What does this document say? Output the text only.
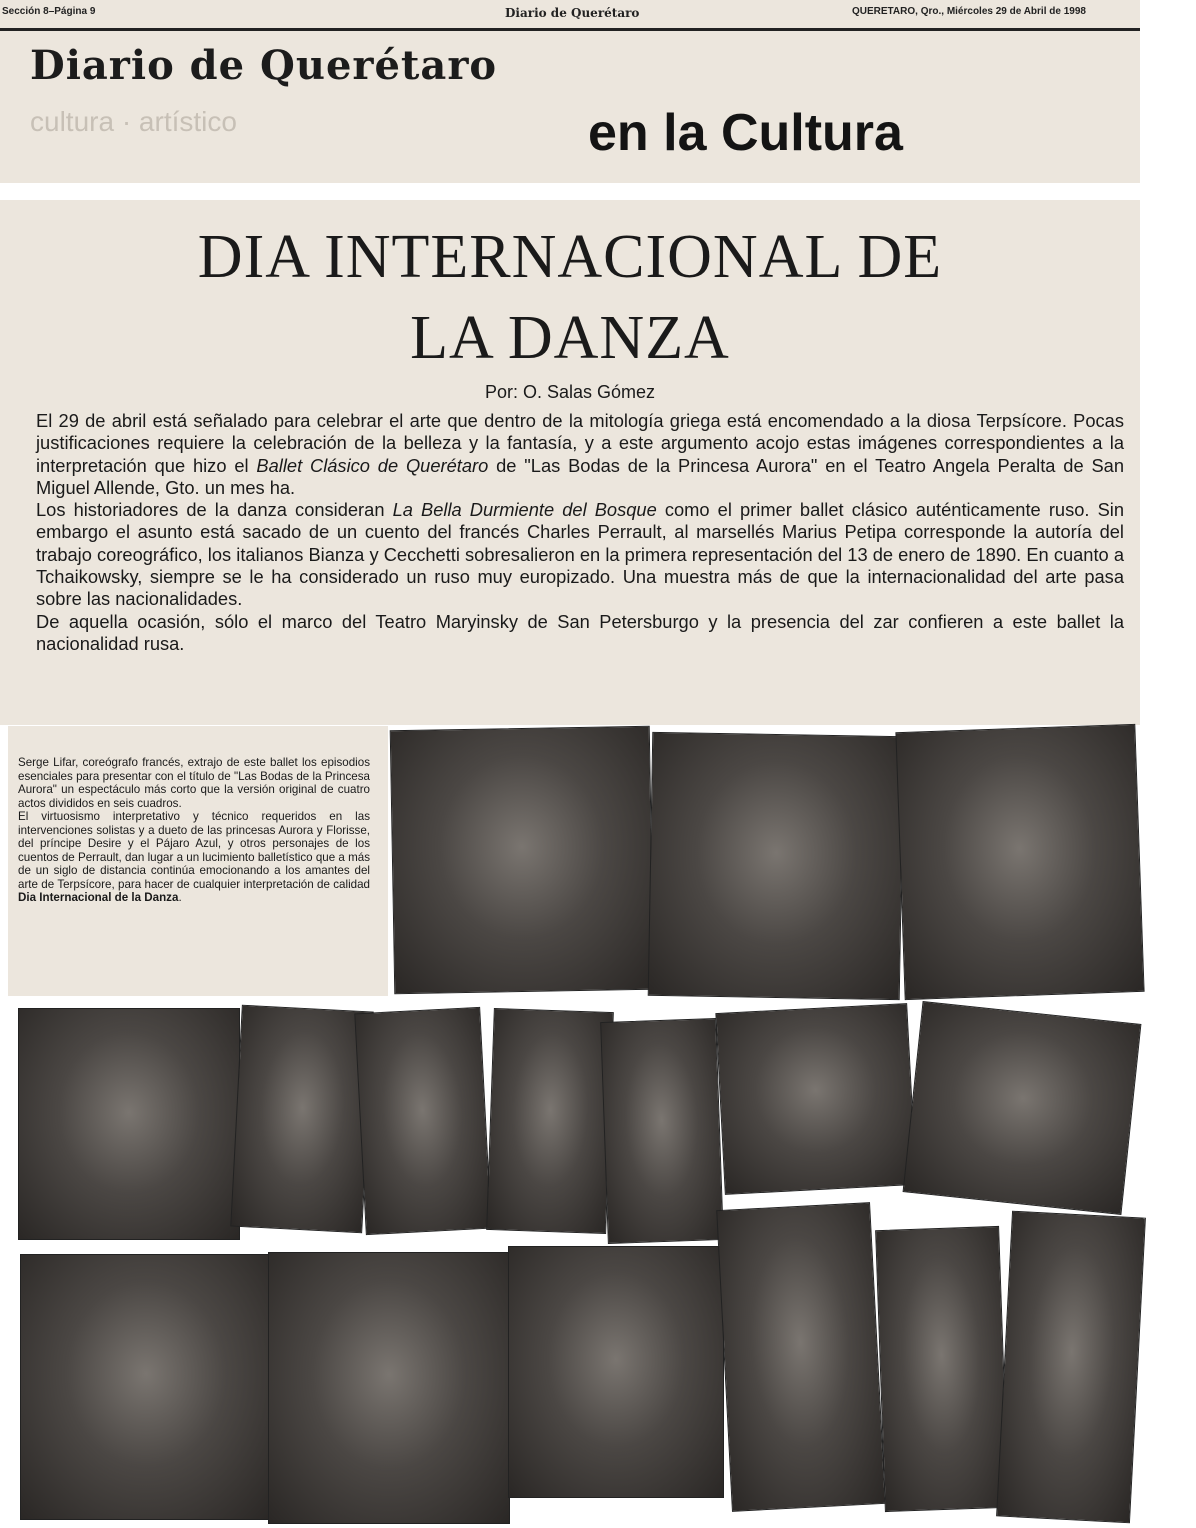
Sección 8–Página 9	Diario de Querétaro	QUERETARO, Qro., Miércoles 29 de Abril de 1998
Diario de Querétaro
cultura · artístico	en la Cultura
DIA INTERNACIONAL DE
LA DANZA
Por: O. Salas Gómez

El 29 de abril está señalado para celebrar el arte que dentro de la mitología griega está encomendado a la diosa Terpsícore. Pocas justificaciones requiere la celebración de la belleza y la fantasía, y a este argumento acojo estas imágenes correspondientes a la interpretación que hizo el Ballet Clásico de Querétaro de "Las Bodas de la Princesa Aurora" en el Teatro Angela Peralta de San Miguel Allende, Gto. un mes ha.

Los historiadores de la danza consideran La Bella Durmiente del Bosque como el primer ballet clásico auténticamente ruso. Sin embargo el asunto está sacado de un cuento del francés Charles Perrault, al marsellés Marius Petipa corresponde la autoría del trabajo coreográfico, los italianos Bianza y Cecchetti sobresalieron en la primera representación del 13 de enero de 1890. En cuanto a Tchaikowsky, siempre se le ha considerado un ruso muy europizado. Una muestra más de que la internacionalidad del arte pasa sobre las nacionalidades.

De aquella ocasión, sólo el marco del Teatro Maryinsky de San Petersburgo y la presencia del zar confieren a este ballet la nacionalidad rusa.

Serge Lifar, coreógrafo francés, extrajo de este ballet los episodios esenciales para presentar con el título de "Las Bodas de la Princesa Aurora" un espectáculo más corto que la versión original de cuatro actos divididos en seis cuadros.

El virtuosismo interpretativo y técnico requeridos en las intervenciones solistas y a dueto de las princesas Aurora y Florisse, del príncipe Desire y el Pájaro Azul, y otros personajes de los cuentos de Perrault, dan lugar a un lucimiento balletístico que a más de un siglo de distancia continúa emocionando a los amantes del arte de Terpsícore, para hacer de cualquier interpretación de calidad Dia Internacional de la Danza.
